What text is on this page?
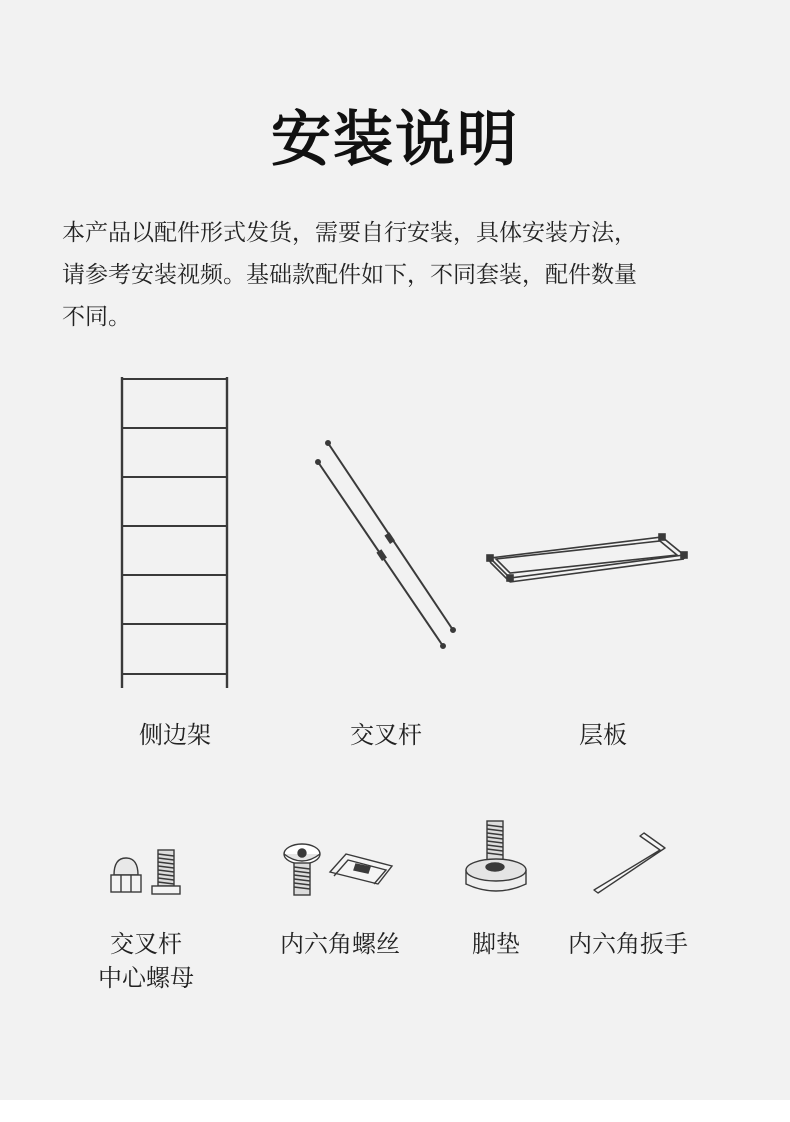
安装说明
本产品以配件形式发货，需要自行安装，具体安装方法，
请参考安装视频。基础款配件如下，不同套装，配件数量
不同。
侧边架	交叉杆	层板
交叉杆
中心螺母
内六角螺丝	脚垫	内六角扳手
